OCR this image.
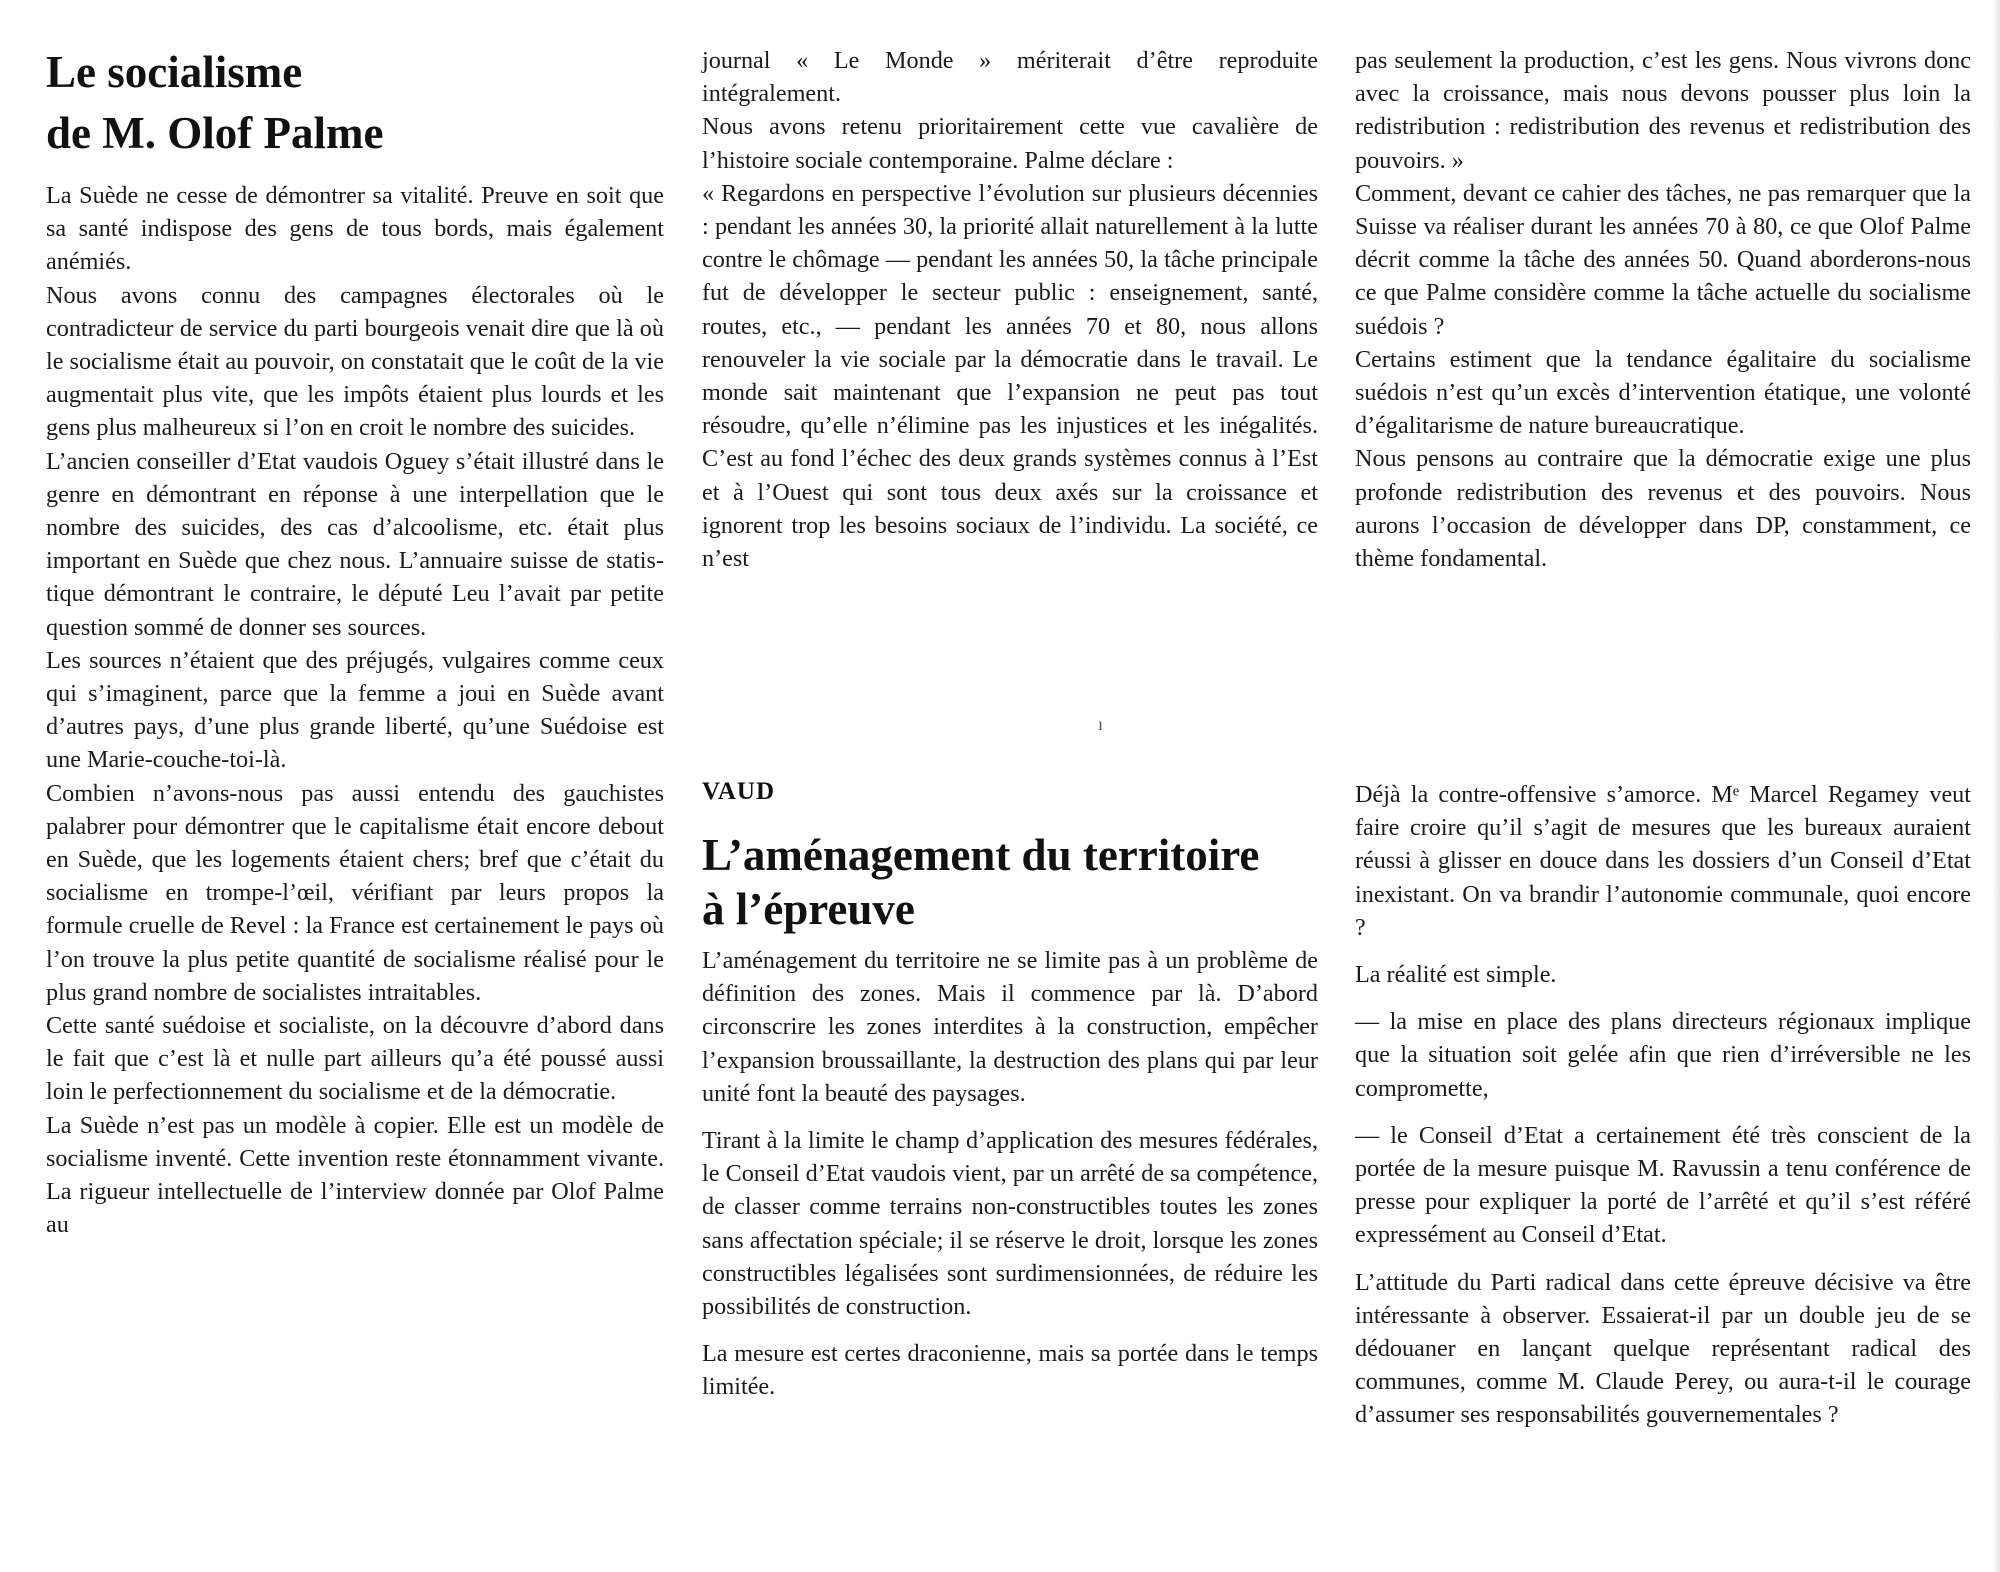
Le socialisme
de M. Olof Palme

La Suède ne cesse de démontrer sa vitalité. Preuve en soit que sa santé indispose des gens de tous bords, mais également anémiés.

Nous avons connu des campagnes électorales où le contradicteur de service du parti bourgeois venait dire que là où le socialisme était au pouvoir, on constatait que le coût de la vie augmentait plus vite, que les impôts étaient plus lourds et les gens plus malheureux si l’on en croit le nombre des suicides.

L’ancien conseiller d’Etat vaudois Oguey s’était illustré dans le genre en démontrant en réponse à une interpellation que le nombre des suicides, des cas d’alcoolisme, etc. était plus important en Suède que chez nous. L’annuaire suisse de statistique démontrant le contraire, le député Leu l’avait par petite question sommé de donner ses sources.

Les sources n’étaient que des préjugés, vulgaires comme ceux qui s’imaginent, parce que la femme a joui en Suède avant d’autres pays, d’une plus grande liberté, qu’une Suédoise est une Marie-couche-toi-là.

Combien n’avons-nous pas aussi entendu des gauchistes palabrer pour démontrer que le capitalisme était encore debout en Suède, que les logements étaient chers; bref que c’était du socialisme en trompe-l’œil, vérifiant par leurs propos la formule cruelle de Revel : la France est certainement le pays où l’on trouve la plus petite quantité de socialisme réalisé pour le plus grand nombre de socialistes intraitables.

Cette santé suédoise et socialiste, on la découvre d’abord dans le fait que c’est là et nulle part ailleurs qu’a été poussé aussi loin le perfectionnement du socialisme et de la démocratie.

La Suède n’est pas un modèle à copier. Elle est un modèle de socialisme inventé. Cette invention reste étonnamment vivante. La rigueur intellectuelle de l’interview donnée par Olof Palme au

journal « Le Monde » mériterait d’être reproduite intégralement.

Nous avons retenu prioritairement cette vue cavalière de l’histoire sociale contemporaine. Palme déclare :

« Regardons en perspective l’évolution sur plusieurs décennies : pendant les années 30, la priorité allait naturellement à la lutte contre le chômage — pendant les années 50, la tâche principale fut de développer le secteur public : enseignement, santé, routes, etc., — pendant les années 70 et 80, nous allons renouveler la vie sociale par la démocratie dans le travail. Le monde sait maintenant que l’expansion ne peut pas tout résoudre, qu’elle n’élimine pas les injustices et les inégalités. C’est au fond l’échec des deux grands systèmes connus à l’Est et à l’Ouest qui sont tous deux axés sur la croissance et ignorent trop les besoins sociaux de l’individu. La société, ce n’est

pas seulement la production, c’est les gens. Nous vivrons donc avec la croissance, mais nous devons pousser plus loin la redistribution : redistribution des revenus et redistribution des pouvoirs. »

Comment, devant ce cahier des tâches, ne pas remarquer que la Suisse va réaliser durant les années 70 à 80, ce que Olof Palme décrit comme la tâche des années 50. Quand aborderons-nous ce que Palme considère comme la tâche actuelle du socialisme suédois ?

Certains estiment que la tendance égalitaire du socialisme suédois n’est qu’un excès d’intervention étatique, une volonté d’égalitarisme de nature bureaucratique.

Nous pensons au contraire que la démocratie exige une plus profonde redistribution des revenus et des pouvoirs. Nous aurons l’occasion de développer dans DP, constamment, ce thème fondamental.

ı
VAUD
L’aménagement du territoire
à l’épreuve

L’aménagement du territoire ne se limite pas à un problème de définition des zones. Mais il commence par là. D’abord circonscrire les zones interdites à la construction, empêcher l’expansion broussaillante, la destruction des plans qui par leur unité font la beauté des paysages.

Tirant à la limite le champ d’application des mesures fédérales, le Conseil d’Etat vaudois vient, par un arrêté de sa compétence, de classer comme terrains non-constructibles toutes les zones sans affectation spéciale; il se réserve le droit, lorsque les zones constructibles légalisées sont surdimensionnées, de réduire les possibilités de construction.

La mesure est certes draconienne, mais sa portée dans le temps limitée.

Déjà la contre-offensive s’amorce. Mᵉ Marcel Regamey veut faire croire qu’il s’agit de mesures que les bureaux auraient réussi à glisser en douce dans les dossiers d’un Conseil d’Etat inexistant. On va brandir l’autonomie communale, quoi encore ?

La réalité est simple.

— la mise en place des plans directeurs régionaux implique que la situation soit gelée afin que rien d’irréversible ne les compromette,

— le Conseil d’Etat a certainement été très conscient de la portée de la mesure puisque M. Ravussin a tenu conférence de presse pour expliquer la porté de l’arrêté et qu’il s’est référé expressément au Conseil d’Etat.

L’attitude du Parti radical dans cette épreuve décisive va être intéressante à observer. Essaierat-il par un double jeu de se dédouaner en lançant quelque représentant radical des communes, comme M. Claude Perey, ou aura-t-il le courage d’assumer ses responsabilités gouvernementales ?
